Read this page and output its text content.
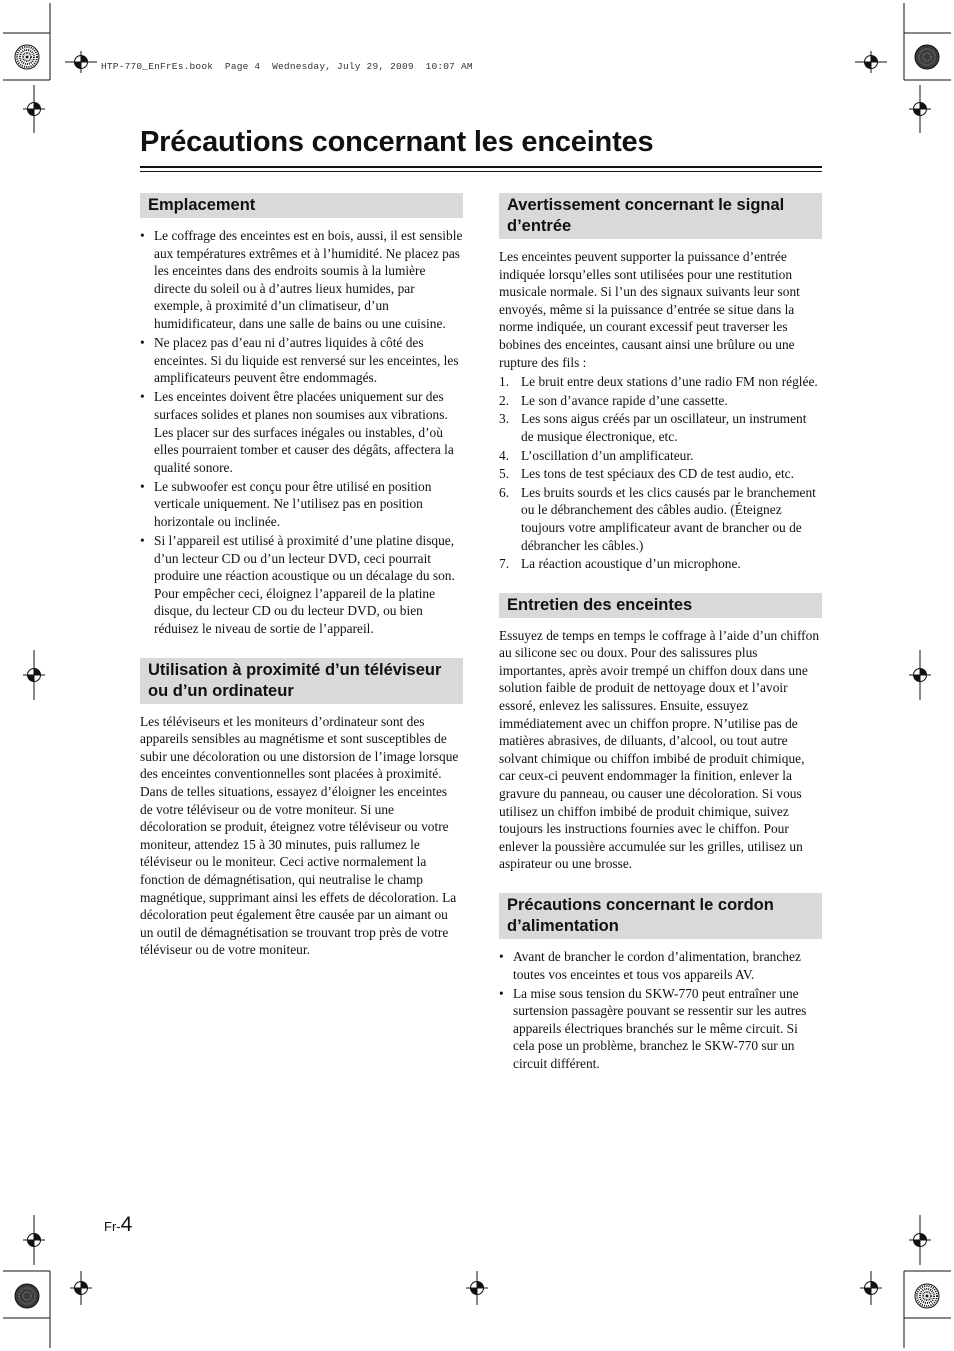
HTP-770_EnFrEs.book  Page 4  Wednesday, July 29, 2009  10:07 AM
Précautions concernant les enceintes
Emplacement
• Le coffrage des enceintes est en bois, aussi, il est sensible aux températures extrêmes et à l’humidité. Ne placez pas les enceintes dans des endroits soumis à la lumière directe du soleil ou à d’autres lieux humides, par exemple, à proximité d’un climatiseur, d’un humidificateur, dans une salle de bains ou une cuisine.
• Ne placez pas d’eau ni d’autres liquides à côté des enceintes. Si du liquide est renversé sur les enceintes, les amplificateurs peuvent être endommagés.
• Les enceintes doivent être placées uniquement sur des surfaces solides et planes non soumises aux vibrations. Les placer sur des surfaces inégales ou instables, d’où elles pourraient tomber et causer des dégâts, affectera la qualité sonore.
• Le subwoofer est conçu pour être utilisé en position verticale uniquement. Ne l’utilisez pas en position horizontale ou inclinée.
• Si l’appareil est utilisé à proximité d’une platine disque, d’un lecteur CD ou d’un lecteur DVD, ceci pourrait produire une réaction acoustique ou un décalage du son. Pour empêcher ceci, éloignez l’appareil de la platine disque, du lecteur CD ou du lecteur DVD, ou bien réduisez le niveau de sortie de l’appareil.
Utilisation à proximité d’un téléviseur ou d’un ordinateur

Les téléviseurs et les moniteurs d’ordinateur sont des appareils sensibles au magnétisme et sont susceptibles de subir une décoloration ou une distorsion de l’image lorsque des enceintes conventionnelles sont placées à proximité. Dans de telles situations, essayez d’éloigner les enceintes de votre téléviseur ou de votre moniteur. Si une décoloration se produit, éteignez votre téléviseur ou votre moniteur, attendez 15 à 30 minutes, puis rallumez le téléviseur ou le moniteur. Ceci active normalement la fonction de démagnétisation, qui neutralise le champ magnétique, supprimant ainsi les effets de décoloration. La décoloration peut également être causée par un aimant ou un outil de démagnétisation se trouvant trop près de votre téléviseur ou de votre moniteur.

Avertissement concernant le signal d’entrée

Les enceintes peuvent supporter la puissance d’entrée indiquée lorsqu’elles sont utilisées pour une restitution musicale normale. Si l’un des signaux suivants leur sont envoyés, même si la puissance d’entrée se situe dans la norme indiquée, un courant excessif peut traverser les bobines des enceintes, causant ainsi une brûlure ou une rupture des fils :

1. Le bruit entre deux stations d’une radio FM non réglée.
2. Le son d’avance rapide d’une cassette.
3. Les sons aigus créés par un oscillateur, un instrument de musique électronique, etc.
4. L’oscillation d’un amplificateur.
5. Les tons de test spéciaux des CD de test audio, etc.
6. Les bruits sourds et les clics causés par le branchement ou le débranchement des câbles audio. (Éteignez toujours votre amplificateur avant de brancher ou de débrancher les câbles.)
7. La réaction acoustique d’un microphone.
Entretien des enceintes

Essuyez de temps en temps le coffrage à l’aide d’un chiffon au silicone sec ou doux. Pour des salissures plus importantes, après avoir trempé un chiffon doux dans une solution faible de produit de nettoyage doux et l’avoir essoré, enlevez les salissures. Ensuite, essuyez immédiatement avec un chiffon propre. N’utilise pas de matières abrasives, de diluants, d’alcool, ou tout autre solvant chimique ou chiffon imbibé de produit chimique, car ceux-ci peuvent endommager la finition, enlever la gravure du panneau, ou causer une décoloration. Si vous utilisez un chiffon imbibé de produit chimique, suivez toujours les instructions fournies avec le chiffon. Pour enlever la poussière accumulée sur les grilles, utilisez un aspirateur ou une brosse.

Précautions concernant le cordon d’alimentation
• Avant de brancher le cordon d’alimentation, branchez toutes vos enceintes et tous vos appareils AV.
• La mise sous tension du SKW-770 peut entraîner une surtension passagère pouvant se ressentir sur les autres appareils électriques branchés sur le même circuit. Si cela pose un problème, branchez le SKW-770 sur un circuit différent.
Fr-4
